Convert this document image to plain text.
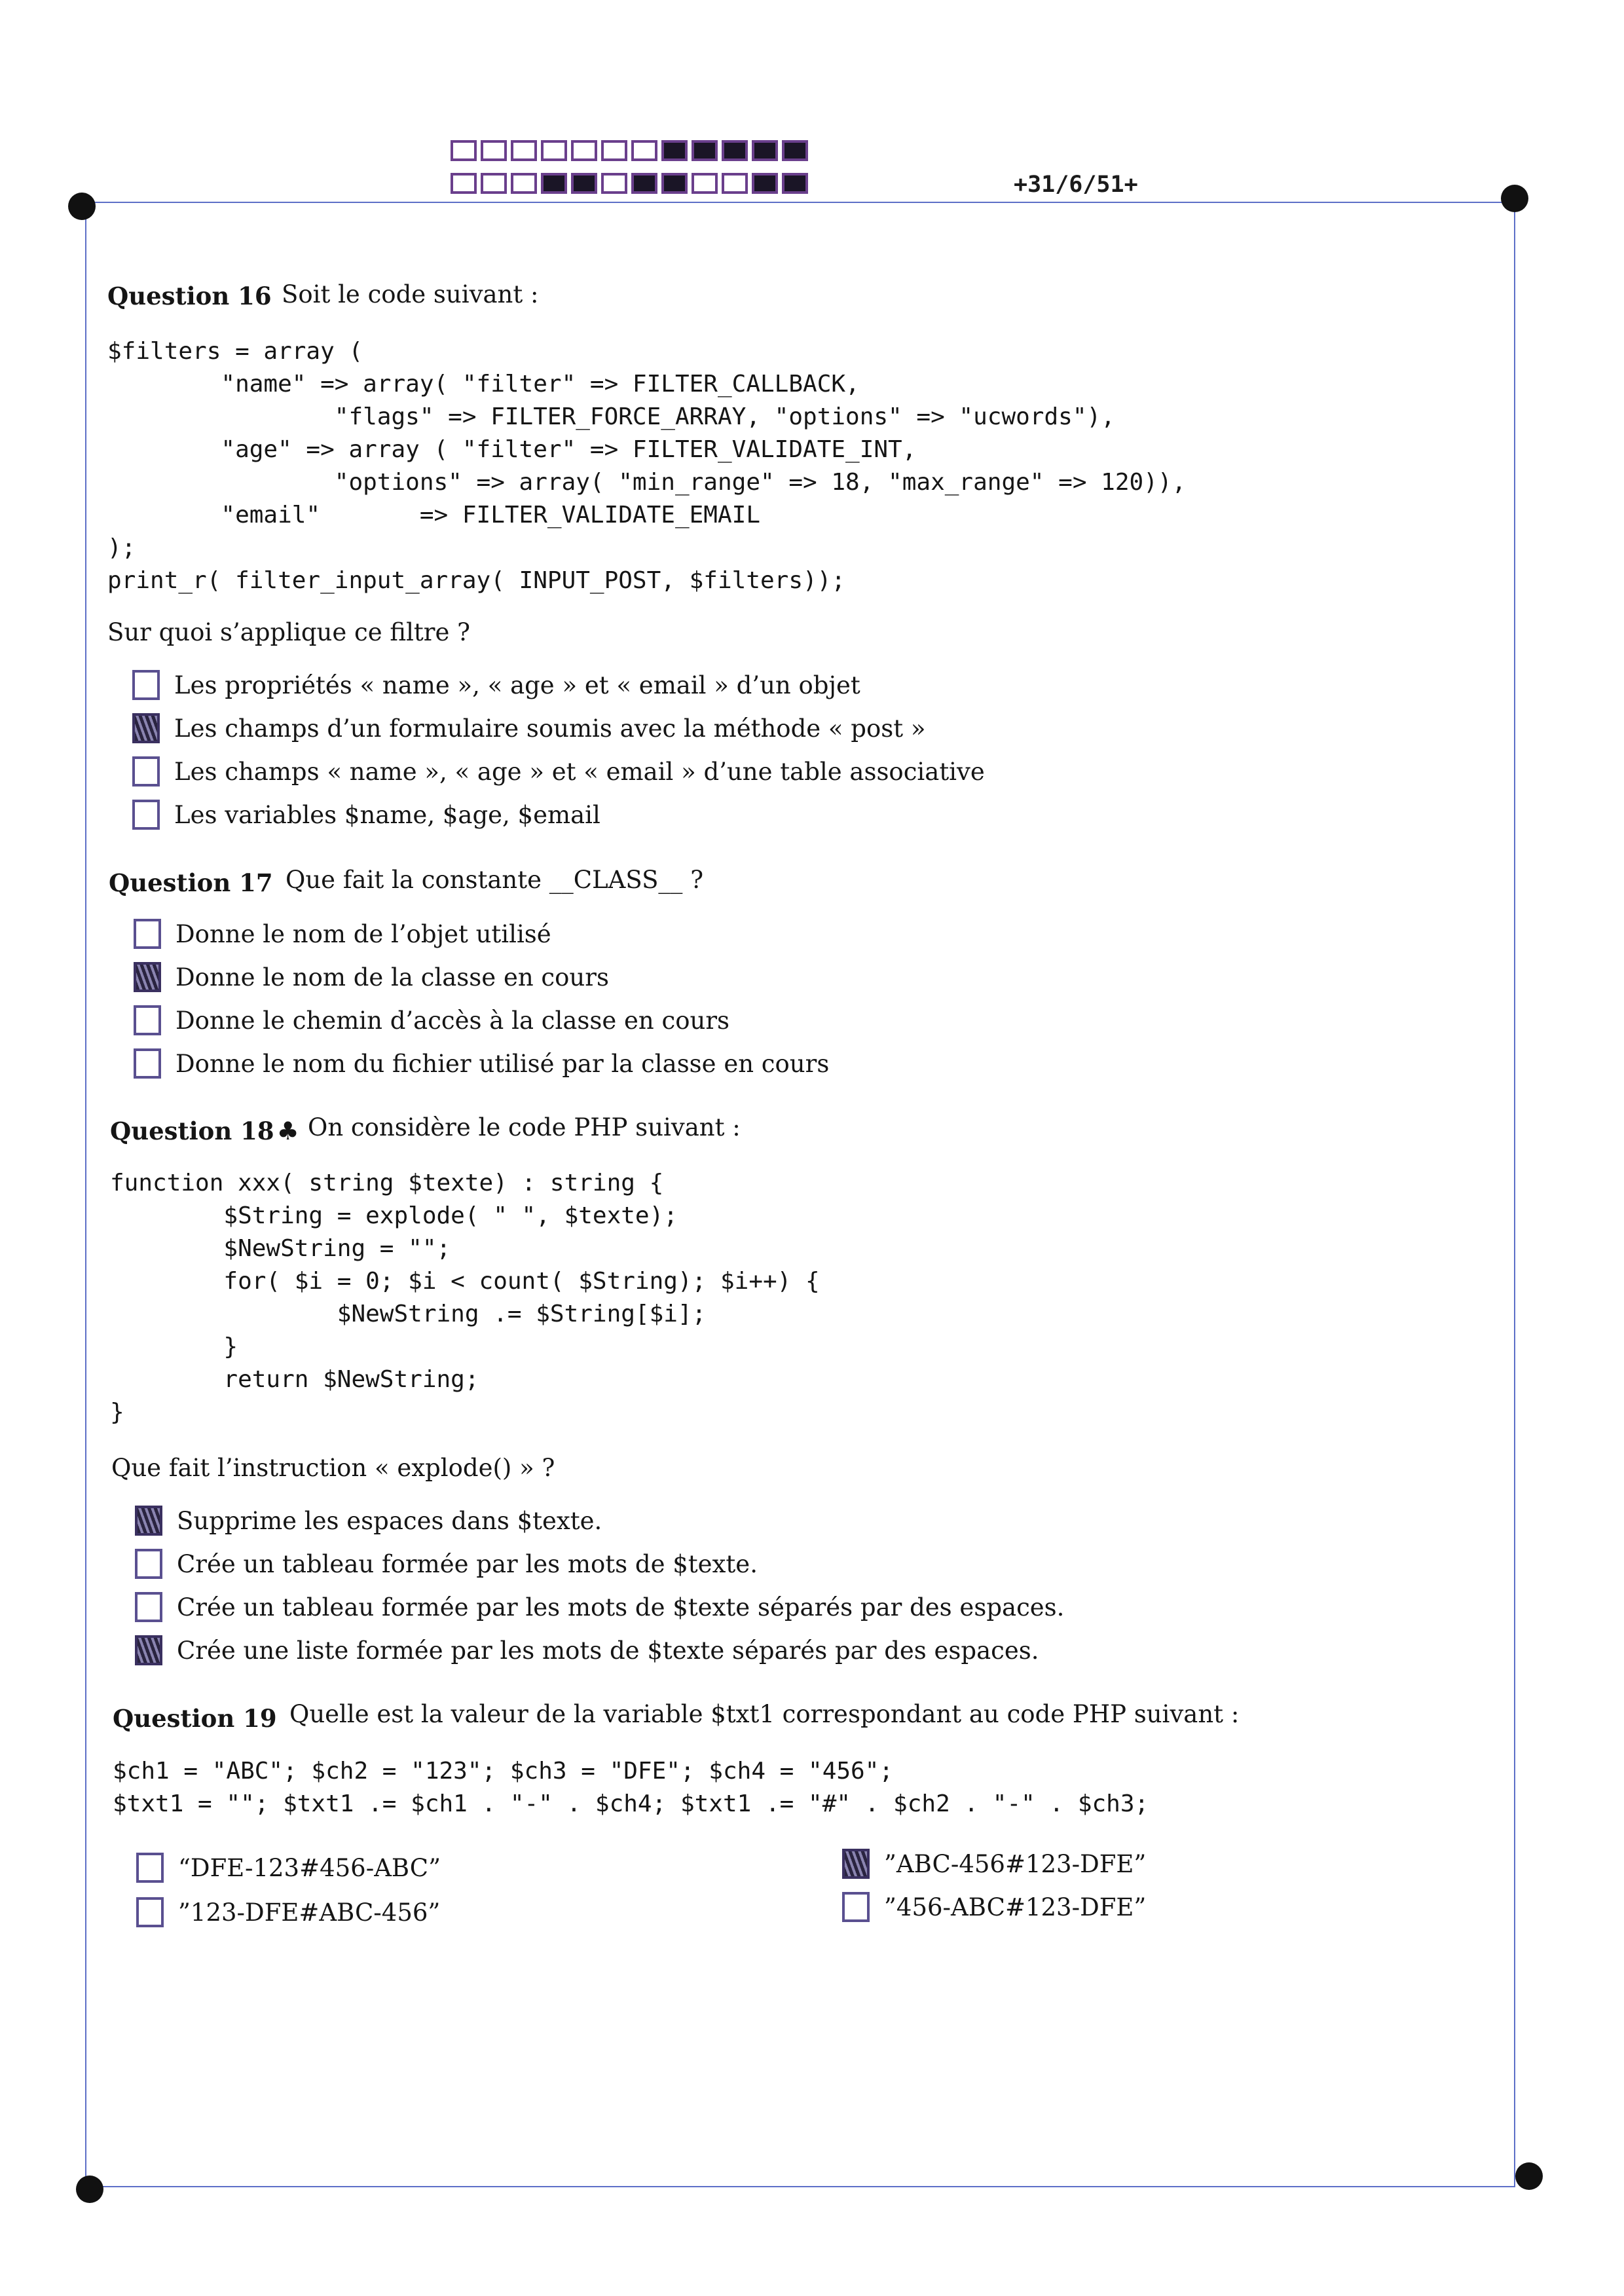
+31/6/51+
Question 16 Soit le code suivant :
$filters = array (
"name" => array( "filter" => FILTER_CALLBACK,
"flags" => FILTER_FORCE_ARRAY, "options" => "ucwords"),
"age" => array ( "filter" => FILTER_VALIDATE_INT,
"options" => array( "min_range" => 18, "max_range" => 120)),
"email"       => FILTER_VALIDATE_EMAIL
);
print_r( filter_input_array( INPUT_POST, $filters));
Sur quoi s’applique ce filtre ?
Les propriétés « name », « age » et « email » d’un objet
Les champs d’un formulaire soumis avec la méthode « post »
Les champs « name », « age » et « email » d’une table associative
Les variables $name, $age, $email
Question 17 Que fait la constante __CLASS__ ?
Donne le nom de l’objet utilisé
Donne le nom de la classe en cours
Donne le chemin d’accès à la classe en cours
Donne le nom du fichier utilisé par la classe en cours
Question 18 ♣ On considère le code PHP suivant :
function xxx( string $texte) : string {
$String = explode( " ", $texte);
$NewString = "";
for( $i = 0; $i < count( $String); $i++) {
$NewString .= $String[$i];
}
return $NewString;
}
Que fait l’instruction « explode() » ?
Supprime les espaces dans $texte.
Crée un tableau formée par les mots de $texte.
Crée un tableau formée par les mots de $texte séparés par des espaces.
Crée une liste formée par les mots de $texte séparés par des espaces.
Question 19 Quelle est la valeur de la variable $txt1 correspondant au code PHP suivant :
$ch1 = "ABC"; $ch2 = "123"; $ch3 = "DFE"; $ch4 = "456";
$txt1 = ""; $txt1 .= $ch1 . "-" . $ch4; $txt1 .= "#" . $ch2 . "-" . $ch3;
“DFE-123#456-ABC”
”123-DFE#ABC-456”
”ABC-456#123-DFE”
”456-ABC#123-DFE”
